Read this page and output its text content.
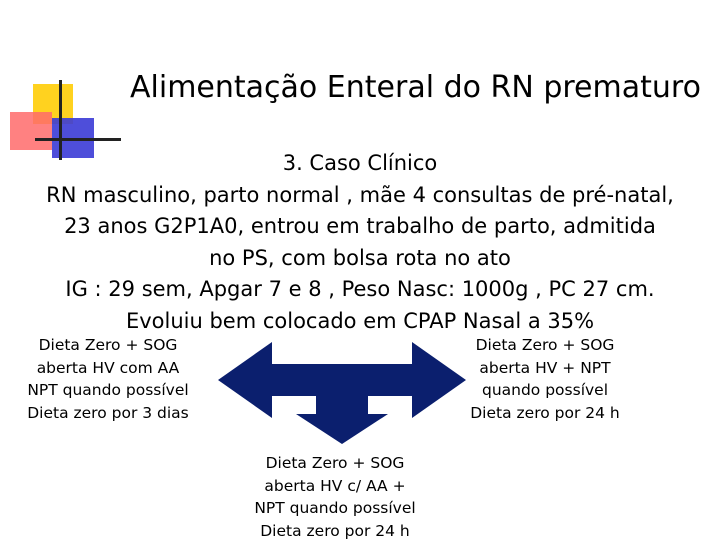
Alimentação Enteral do RN prematuro
3. Caso Clínico
RN masculino, parto normal , mãe 4 consultas de pré-natal,
23 anos G2P1A0, entrou em trabalho de parto, admitida
no PS, com bolsa rota no ato
IG : 29 sem, Apgar 7 e 8 , Peso Nasc: 1000g , PC 27 cm.
Evoluiu bem colocado em CPAP Nasal a 35%
Dieta Zero + SOG
aberta HV com AA
NPT quando possível
Dieta zero por 3 dias
Dieta Zero + SOG
aberta HV + NPT
quando possível
Dieta zero por 24 h
Dieta Zero + SOG
aberta HV c/ AA +
NPT quando possível
Dieta zero por 24 h
